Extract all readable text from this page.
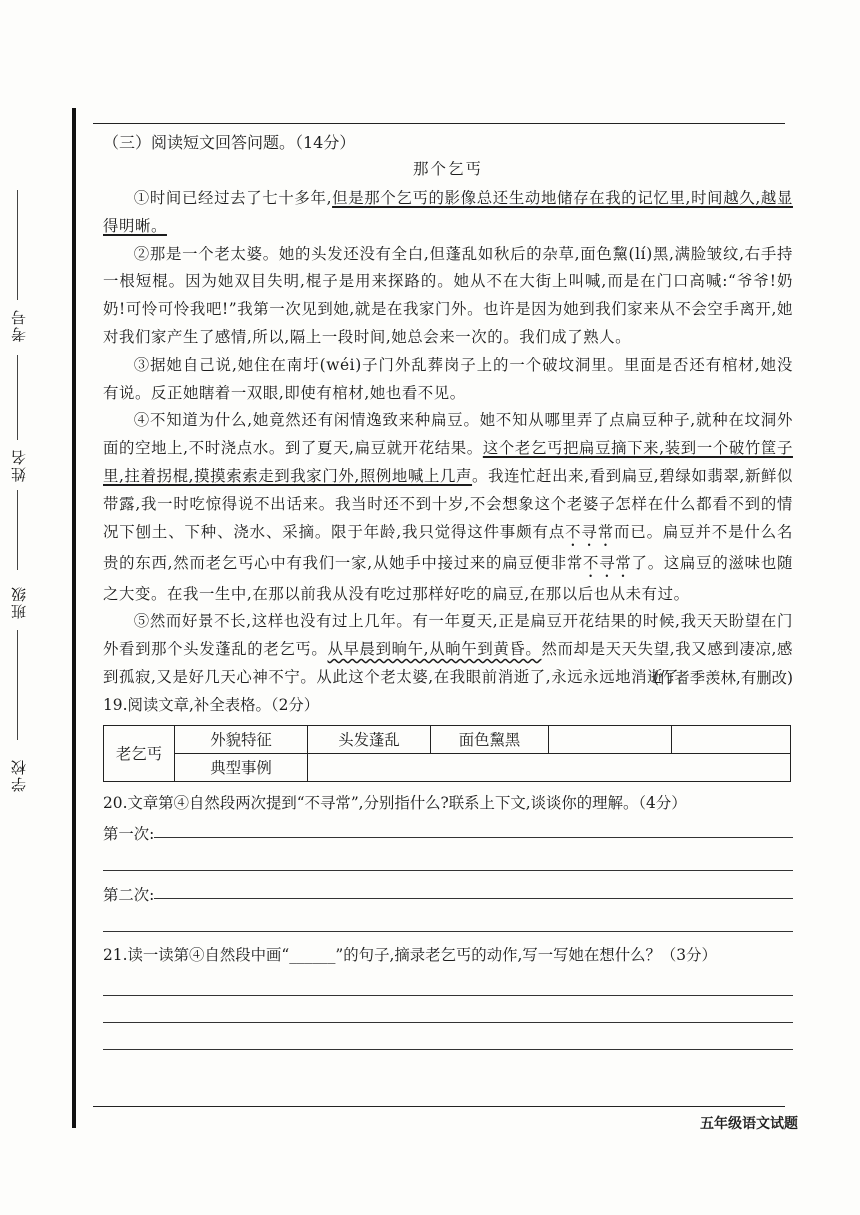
考号
姓名
班级
学校

（三）阅读短文回答问题。（14分）

那个乞丐

①时间已经过去了七十多年,但是那个乞丐的影像总还生动地储存在我的记忆里,时间越久,越显得明晰。

②那是一个老太婆。她的头发还没有全白,但蓬乱如秋后的杂草,面色黧(lí)黑,满脸皱纹,右手持一根短棍。因为她双目失明,棍子是用来探路的。她从不在大街上叫喊,而是在门口高喊:“爷爷!奶奶!可怜可怜我吧!”我第一次见到她,就是在我家门外。也许是因为她到我们家来从不会空手离开,她对我们家产生了感情,所以,隔上一段时间,她总会来一次的。我们成了熟人。

③据她自己说,她住在南圩(wéi)子门外乱葬岗子上的一个破坟洞里。里面是否还有棺材,她没有说。反正她瞎着一双眼,即使有棺材,她也看不见。

④不知道为什么,她竟然还有闲情逸致来种扁豆。她不知从哪里弄了点扁豆种子,就种在坟洞外面的空地上,不时浇点水。到了夏天,扁豆就开花结果。这个老乞丐把扁豆摘下来,装到一个破竹筐子里,拄着拐棍,摸摸索索走到我家门外,照例地喊上几声。我连忙赶出来,看到扁豆,碧绿如翡翠,新鲜似带露,我一时吃惊得说不出话来。我当时还不到十岁,不会想象这个老婆子怎样在什么都看不到的情况下刨土、下种、浇水、采摘。限于年龄,我只觉得这件事颇有点不寻常而已。扁豆并不是什么名贵的东西,然而老乞丐心中有我们一家,从她手中接过来的扁豆便非常不寻常了。这扁豆的滋味也随之大变。在我一生中,在那以前我从没有吃过那样好吃的扁豆,在那以后也从未有过。

⑤然而好景不长,这样也没有过上几年。有一年夏天,正是扁豆开花结果的时候,我天天盼望在门外看到那个头发蓬乱的老乞丐。从早晨到晌午,从晌午到黄昏。然而却是天天失望,我又感到凄凉,感到孤寂,又是好几天心神不宁。从此这个老太婆,在我眼前消逝了,永远永远地消逝了。

(作者季羡林,有删改)

19.阅读文章,补全表格。（2分）

老乞丐	外貌特征	头发蓬乱	面色黧黑		
	典型事例				

20.文章第④自然段两次提到“不寻常”,分别指什么?联系上下文,谈谈你的理解。（4分）

第一次:
第二次:

21.读一读第④自然段中画“______”的句子,摘录老乞丐的动作,写一写她在想什么？（3分）

五年级语文试题
